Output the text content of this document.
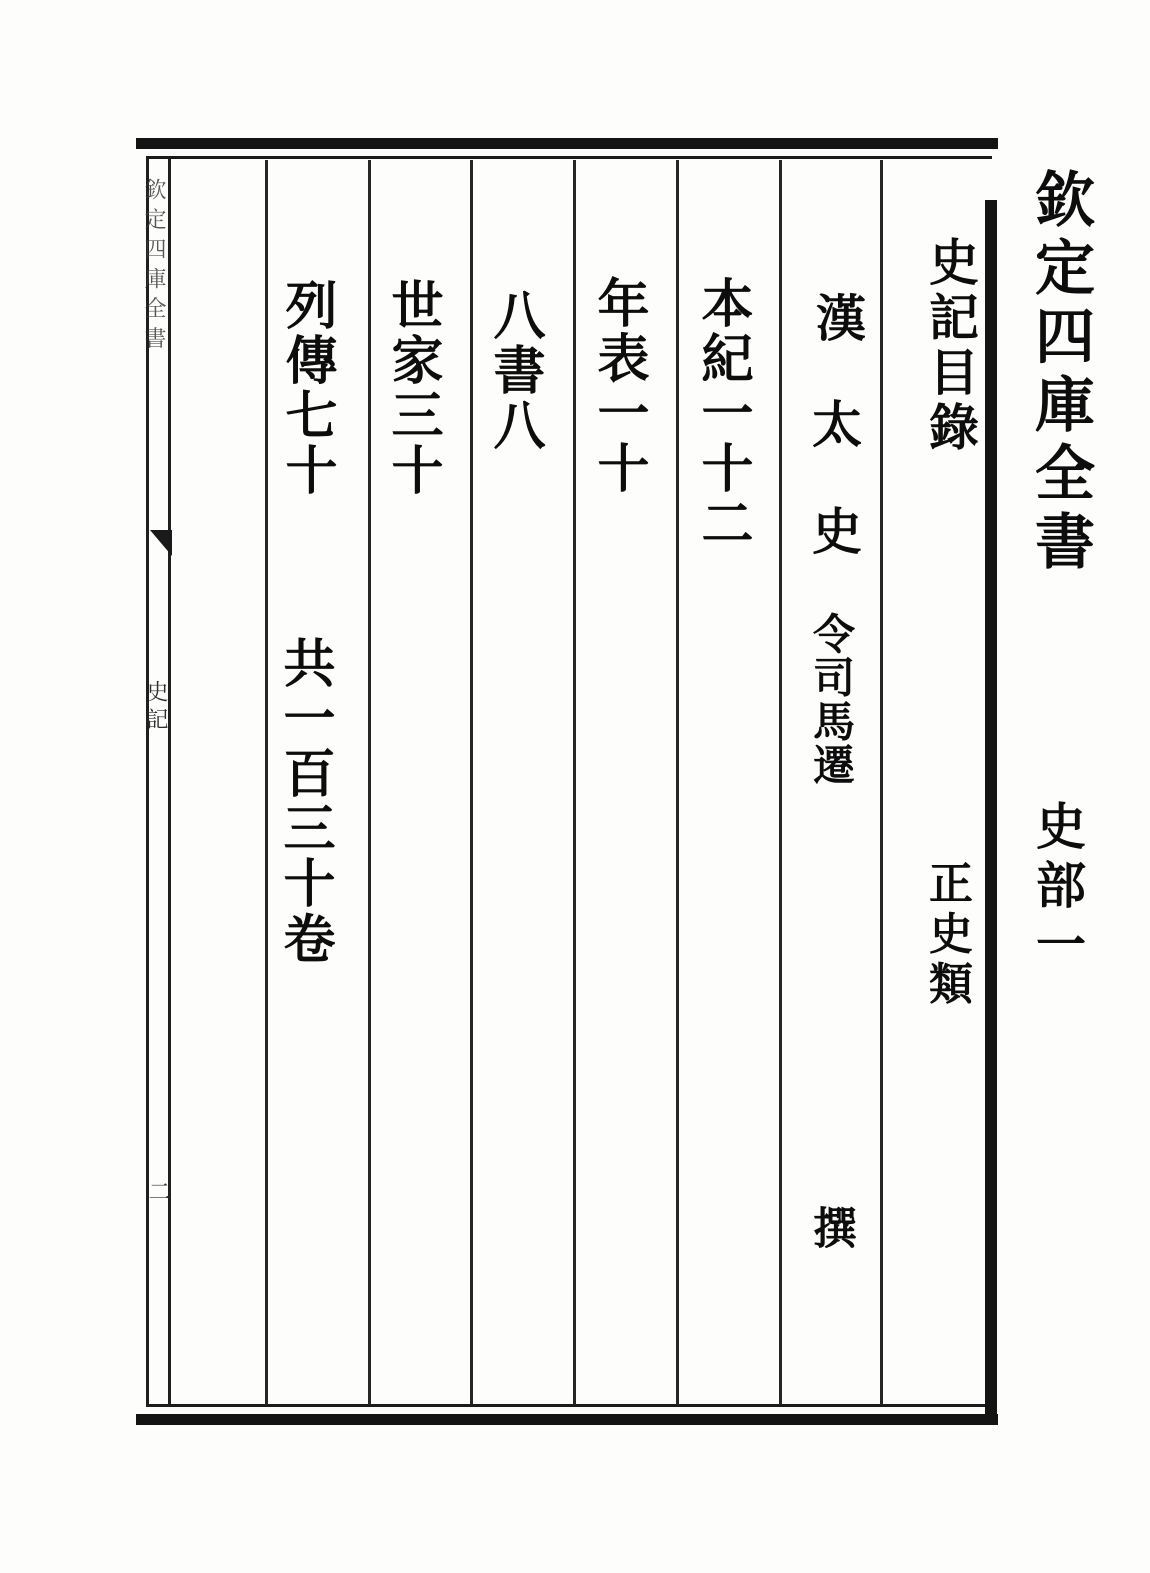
欽定四庫全書
史記
二
欽定四庫全書
史部一
史記目錄
正史類
漢
太
史
令司馬遷
撰
本紀一十二
年表一十
八書八
世家三十
列傳七十
共一百三十卷
